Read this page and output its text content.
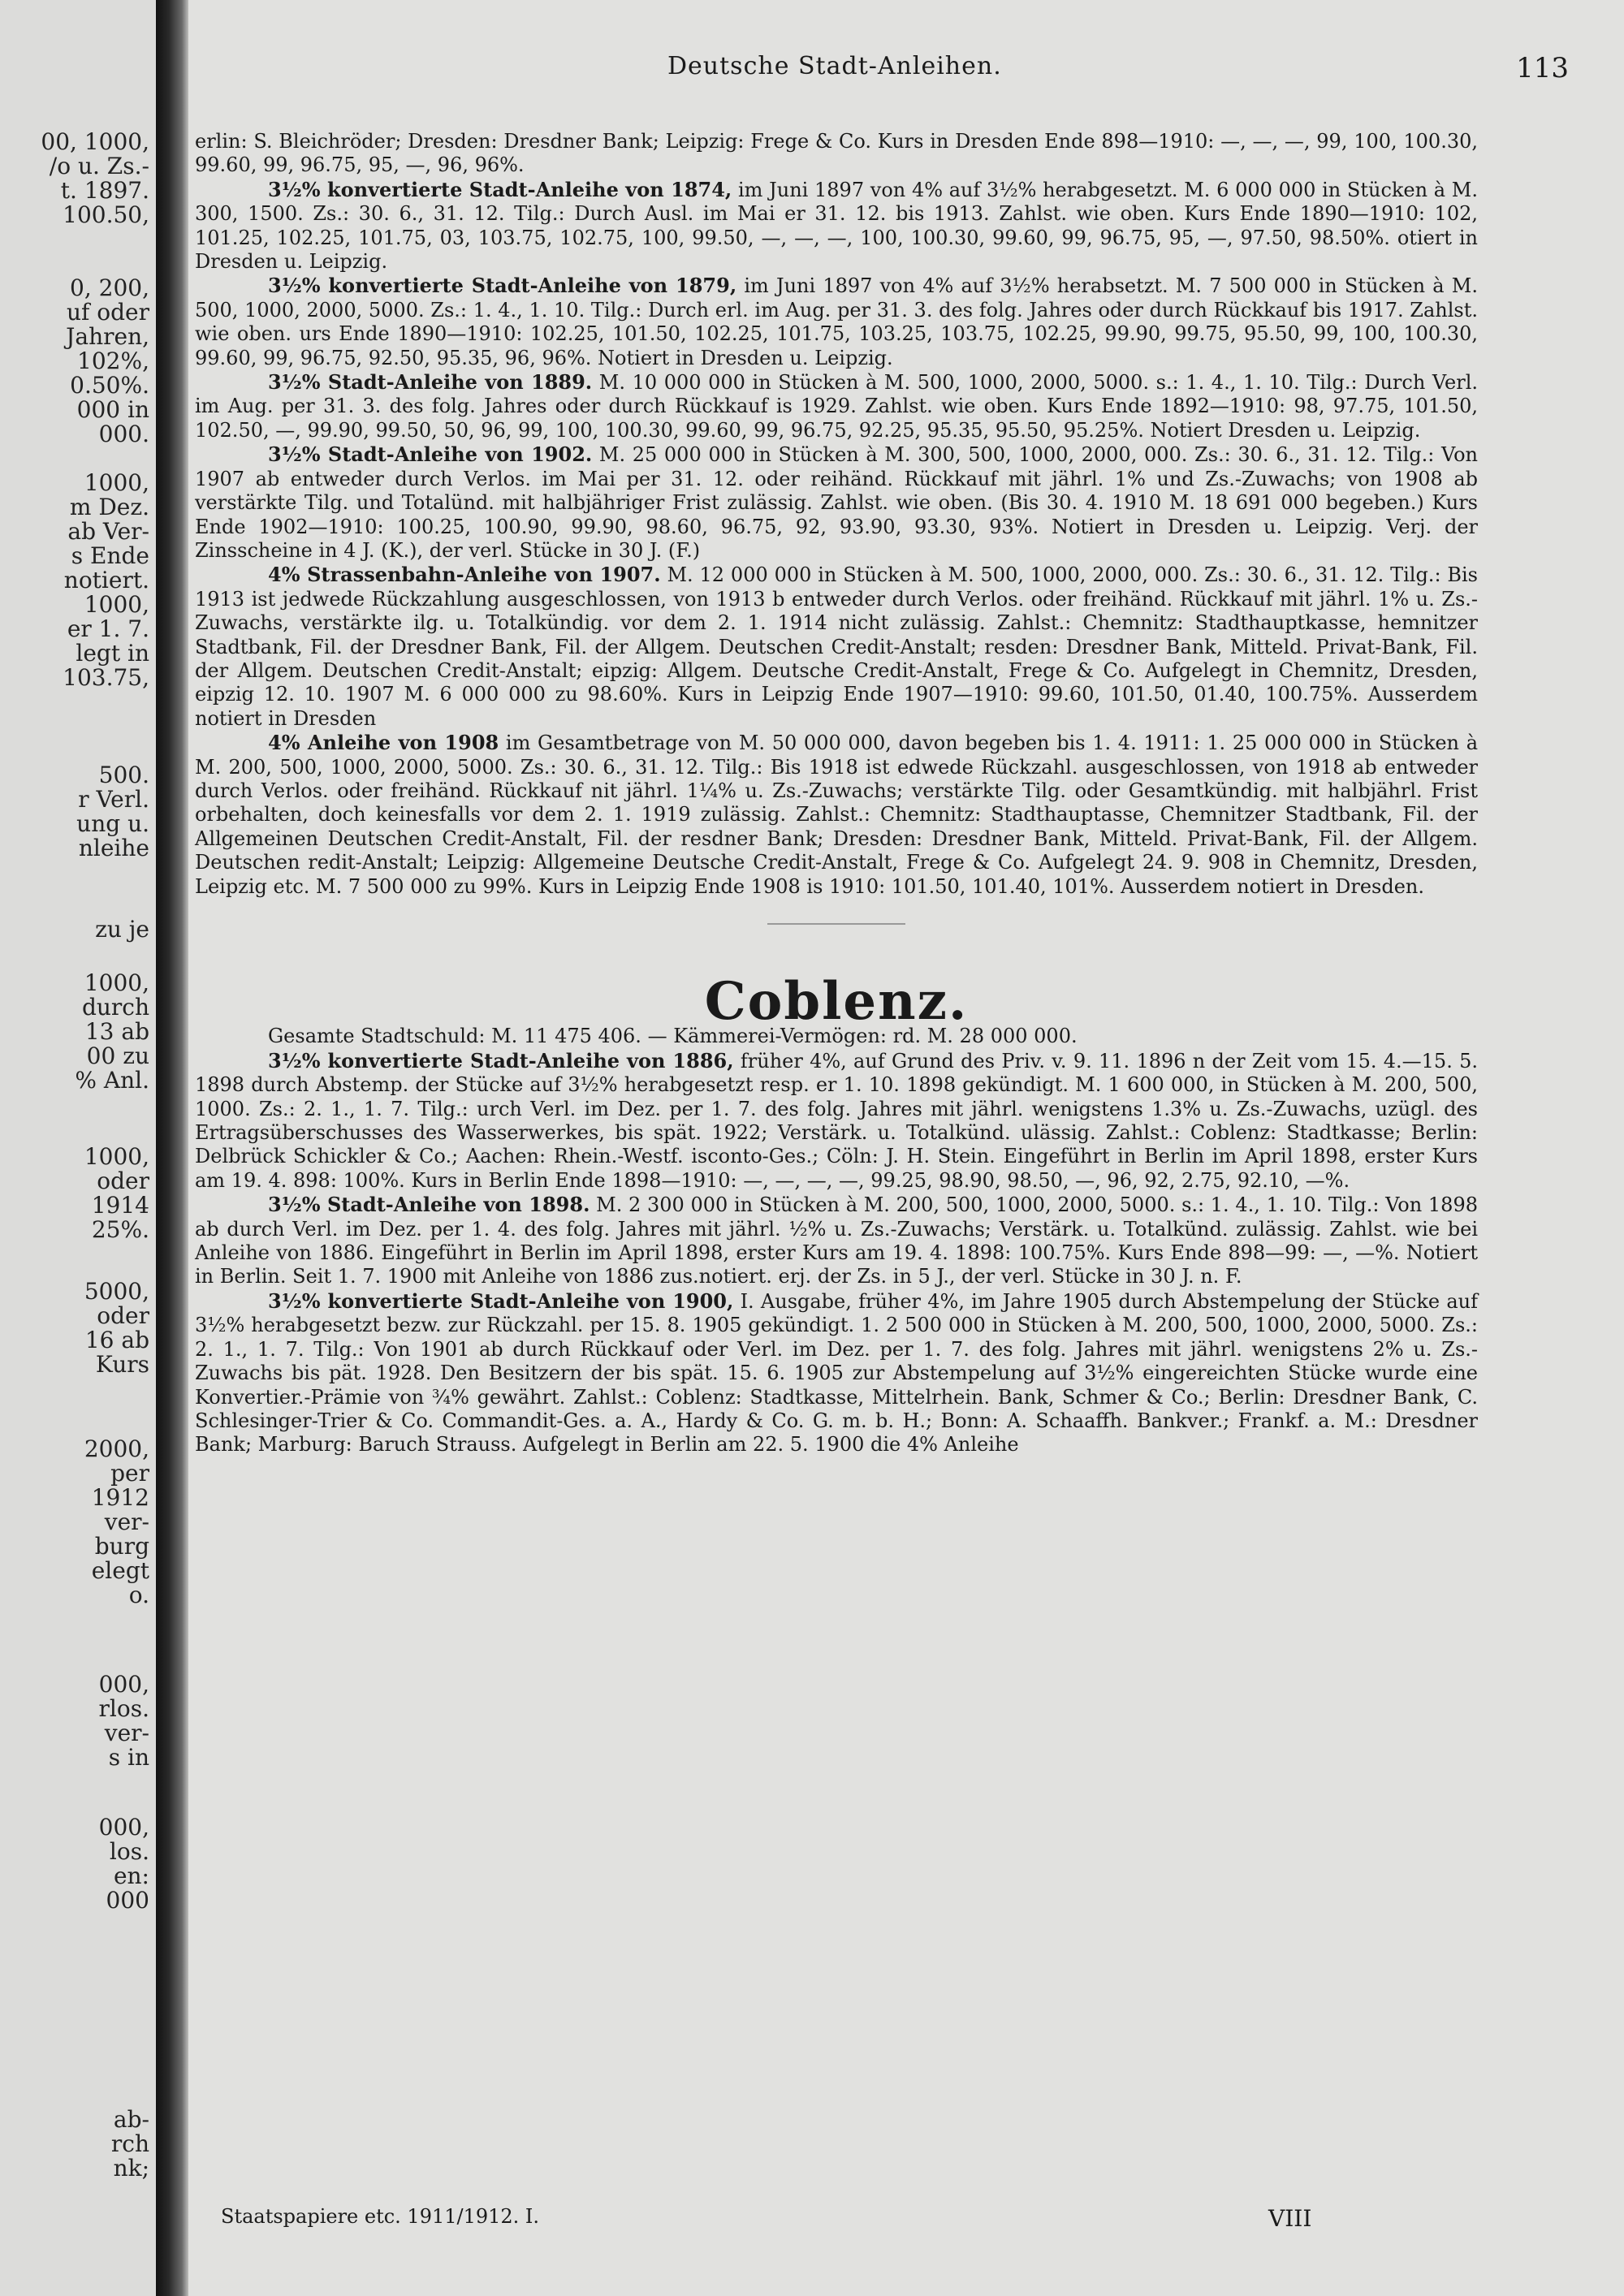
00, 1000,
/o u. Zs.-
t. 1897.
100.50,
0, 200,
uf oder
Jahren,
102%,
0.50%.
000 in
000.
1000,
m Dez.
ab Ver-
s Ende
notiert.
1000,
er 1. 7.
legt in
103.75,
500.
r Verl.
ung u.
nleihe
zu je
1000,
durch
13 ab
00 zu
% Anl.
1000,
oder
1914
25%.
5000,
oder
16 ab
Kurs
2000,
per
1912
ver-
burg
elegt
o.
000,
rlos.
ver-
s in
000,
los.
en:
000
ab-
rch
nk;
Deutsche Stadt-Anleihen.	113

erlin: S. Bleichröder; Dresden: Dresdner Bank; Leipzig: Frege & Co. Kurs in Dresden Ende 898—1910: —, —, —, 99, 100, 100.30, 99.60, 99, 96.75, 95, —, 96, 96%.

3½% konvertierte Stadt-Anleihe von 1874, im Juni 1897 von 4% auf 3½% herabgesetzt. M. 6 000 000 in Stücken à M. 300, 1500. Zs.: 30. 6., 31. 12. Tilg.: Durch Ausl. im Mai er 31. 12. bis 1913. Zahlst. wie oben. Kurs Ende 1890—1910: 102, 101.25, 102.25, 101.75, 03, 103.75, 102.75, 100, 99.50, —, —, —, 100, 100.30, 99.60, 99, 96.75, 95, —, 97.50, 98.50%. otiert in Dresden u. Leipzig.

3½% konvertierte Stadt-Anleihe von 1879, im Juni 1897 von 4% auf 3½% herabsetzt. M. 7 500 000 in Stücken à M. 500, 1000, 2000, 5000. Zs.: 1. 4., 1. 10. Tilg.: Durch erl. im Aug. per 31. 3. des folg. Jahres oder durch Rückkauf bis 1917. Zahlst. wie oben. urs Ende 1890—1910: 102.25, 101.50, 102.25, 101.75, 103.25, 103.75, 102.25, 99.90, 99.75, 95.50, 99, 100, 100.30, 99.60, 99, 96.75, 92.50, 95.35, 96, 96%. Notiert in Dresden u. Leipzig.

3½% Stadt-Anleihe von 1889. M. 10 000 000 in Stücken à M. 500, 1000, 2000, 5000. s.: 1. 4., 1. 10. Tilg.: Durch Verl. im Aug. per 31. 3. des folg. Jahres oder durch Rückkauf is 1929. Zahlst. wie oben. Kurs Ende 1892—1910: 98, 97.75, 101.50, 102.50, —, 99.90, 99.50, 50, 96, 99, 100, 100.30, 99.60, 99, 96.75, 92.25, 95.35, 95.50, 95.25%. Notiert Dresden u. Leipzig.

3½% Stadt-Anleihe von 1902. M. 25 000 000 in Stücken à M. 300, 500, 1000, 2000, 000. Zs.: 30. 6., 31. 12. Tilg.: Von 1907 ab entweder durch Verlos. im Mai per 31. 12. oder reihänd. Rückkauf mit jährl. 1% und Zs.-Zuwachs; von 1908 ab verstärkte Tilg. und Totalünd. mit halbjähriger Frist zulässig. Zahlst. wie oben. (Bis 30. 4. 1910 M. 18 691 000 begeben.) Kurs Ende 1902—1910: 100.25, 100.90, 99.90, 98.60, 96.75, 92, 93.90, 93.30, 93%. Notiert in Dresden u. Leipzig. Verj. der Zinsscheine in 4 J. (K.), der verl. Stücke in 30 J. (F.)

4% Strassenbahn-Anleihe von 1907. M. 12 000 000 in Stücken à M. 500, 1000, 2000, 000. Zs.: 30. 6., 31. 12. Tilg.: Bis 1913 ist jedwede Rückzahlung ausgeschlossen, von 1913 b entweder durch Verlos. oder freihänd. Rückkauf mit jährl. 1% u. Zs.-Zuwachs, verstärkte ilg. u. Totalkündig. vor dem 2. 1. 1914 nicht zulässig. Zahlst.: Chemnitz: Stadthauptkasse, hemnitzer Stadtbank, Fil. der Dresdner Bank, Fil. der Allgem. Deutschen Credit-Anstalt; resden: Dresdner Bank, Mitteld. Privat-Bank, Fil. der Allgem. Deutschen Credit-Anstalt; eipzig: Allgem. Deutsche Credit-Anstalt, Frege & Co. Aufgelegt in Chemnitz, Dresden, eipzig 12. 10. 1907 M. 6 000 000 zu 98.60%. Kurs in Leipzig Ende 1907—1910: 99.60, 101.50, 01.40, 100.75%. Ausserdem notiert in Dresden

4% Anleihe von 1908 im Gesamtbetrage von M. 50 000 000, davon begeben bis 1. 4. 1911: 1. 25 000 000 in Stücken à M. 200, 500, 1000, 2000, 5000. Zs.: 30. 6., 31. 12. Tilg.: Bis 1918 ist edwede Rückzahl. ausgeschlossen, von 1918 ab entweder durch Verlos. oder freihänd. Rückkauf nit jährl. 1¼% u. Zs.-Zuwachs; verstärkte Tilg. oder Gesamtkündig. mit halbjährl. Frist orbehalten, doch keinesfalls vor dem 2. 1. 1919 zulässig. Zahlst.: Chemnitz: Stadthauptasse, Chemnitzer Stadtbank, Fil. der Allgemeinen Deutschen Credit-Anstalt, Fil. der resdner Bank; Dresden: Dresdner Bank, Mitteld. Privat-Bank, Fil. der Allgem. Deutschen redit-Anstalt; Leipzig: Allgemeine Deutsche Credit-Anstalt, Frege & Co. Aufgelegt 24. 9. 908 in Chemnitz, Dresden, Leipzig etc. M. 7 500 000 zu 99%. Kurs in Leipzig Ende 1908 is 1910: 101.50, 101.40, 101%. Ausserdem notiert in Dresden.

Coblenz.

Gesamte Stadtschuld: M. 11 475 406. — Kämmerei-Vermögen: rd. M. 28 000 000.

3½% konvertierte Stadt-Anleihe von 1886, früher 4%, auf Grund des Priv. v. 9. 11. 1896 n der Zeit vom 15. 4.—15. 5. 1898 durch Abstemp. der Stücke auf 3½% herabgesetzt resp. er 1. 10. 1898 gekündigt. M. 1 600 000, in Stücken à M. 200, 500, 1000. Zs.: 2. 1., 1. 7. Tilg.: urch Verl. im Dez. per 1. 7. des folg. Jahres mit jährl. wenigstens 1.3% u. Zs.-Zuwachs, uzügl. des Ertragsüberschusses des Wasserwerkes, bis spät. 1922; Verstärk. u. Totalkünd. ulässig. Zahlst.: Coblenz: Stadtkasse; Berlin: Delbrück Schickler & Co.; Aachen: Rhein.-Westf. isconto-Ges.; Cöln: J. H. Stein. Eingeführt in Berlin im April 1898, erster Kurs am 19. 4. 898: 100%. Kurs in Berlin Ende 1898—1910: —, —, —, —, 99.25, 98.90, 98.50, —, 96, 92, 2.75, 92.10, —%.

3½% Stadt-Anleihe von 1898. M. 2 300 000 in Stücken à M. 200, 500, 1000, 2000, 5000. s.: 1. 4., 1. 10. Tilg.: Von 1898 ab durch Verl. im Dez. per 1. 4. des folg. Jahres mit jährl. ½% u. Zs.-Zuwachs; Verstärk. u. Totalkünd. zulässig. Zahlst. wie bei Anleihe von 1886. Eingeführt in Berlin im April 1898, erster Kurs am 19. 4. 1898: 100.75%. Kurs Ende 898—99: —, —%. Notiert in Berlin. Seit 1. 7. 1900 mit Anleihe von 1886 zus.notiert. erj. der Zs. in 5 J., der verl. Stücke in 30 J. n. F.

3½% konvertierte Stadt-Anleihe von 1900, I. Ausgabe, früher 4%, im Jahre 1905 durch Abstempelung der Stücke auf 3½% herabgesetzt bezw. zur Rückzahl. per 15. 8. 1905 gekündigt. 1. 2 500 000 in Stücken à M. 200, 500, 1000, 2000, 5000. Zs.: 2. 1., 1. 7. Tilg.: Von 1901 ab durch Rückkauf oder Verl. im Dez. per 1. 7. des folg. Jahres mit jährl. wenigstens 2% u. Zs.-Zuwachs bis pät. 1928. Den Besitzern der bis spät. 15. 6. 1905 zur Abstempelung auf 3½% eingereichten Stücke wurde eine Konvertier.-Prämie von ¾% gewährt. Zahlst.: Coblenz: Stadtkasse, Mittelrhein. Bank, Schmer & Co.; Berlin: Dresdner Bank, C. Schlesinger-Trier & Co. Commandit-Ges. a. A., Hardy & Co. G. m. b. H.; Bonn: A. Schaaffh. Bankver.; Frankf. a. M.: Dresdner Bank; Marburg: Baruch Strauss. Aufgelegt in Berlin am 22. 5. 1900 die 4% Anleihe

Staatspapiere etc. 1911/1912. I.	VIII
